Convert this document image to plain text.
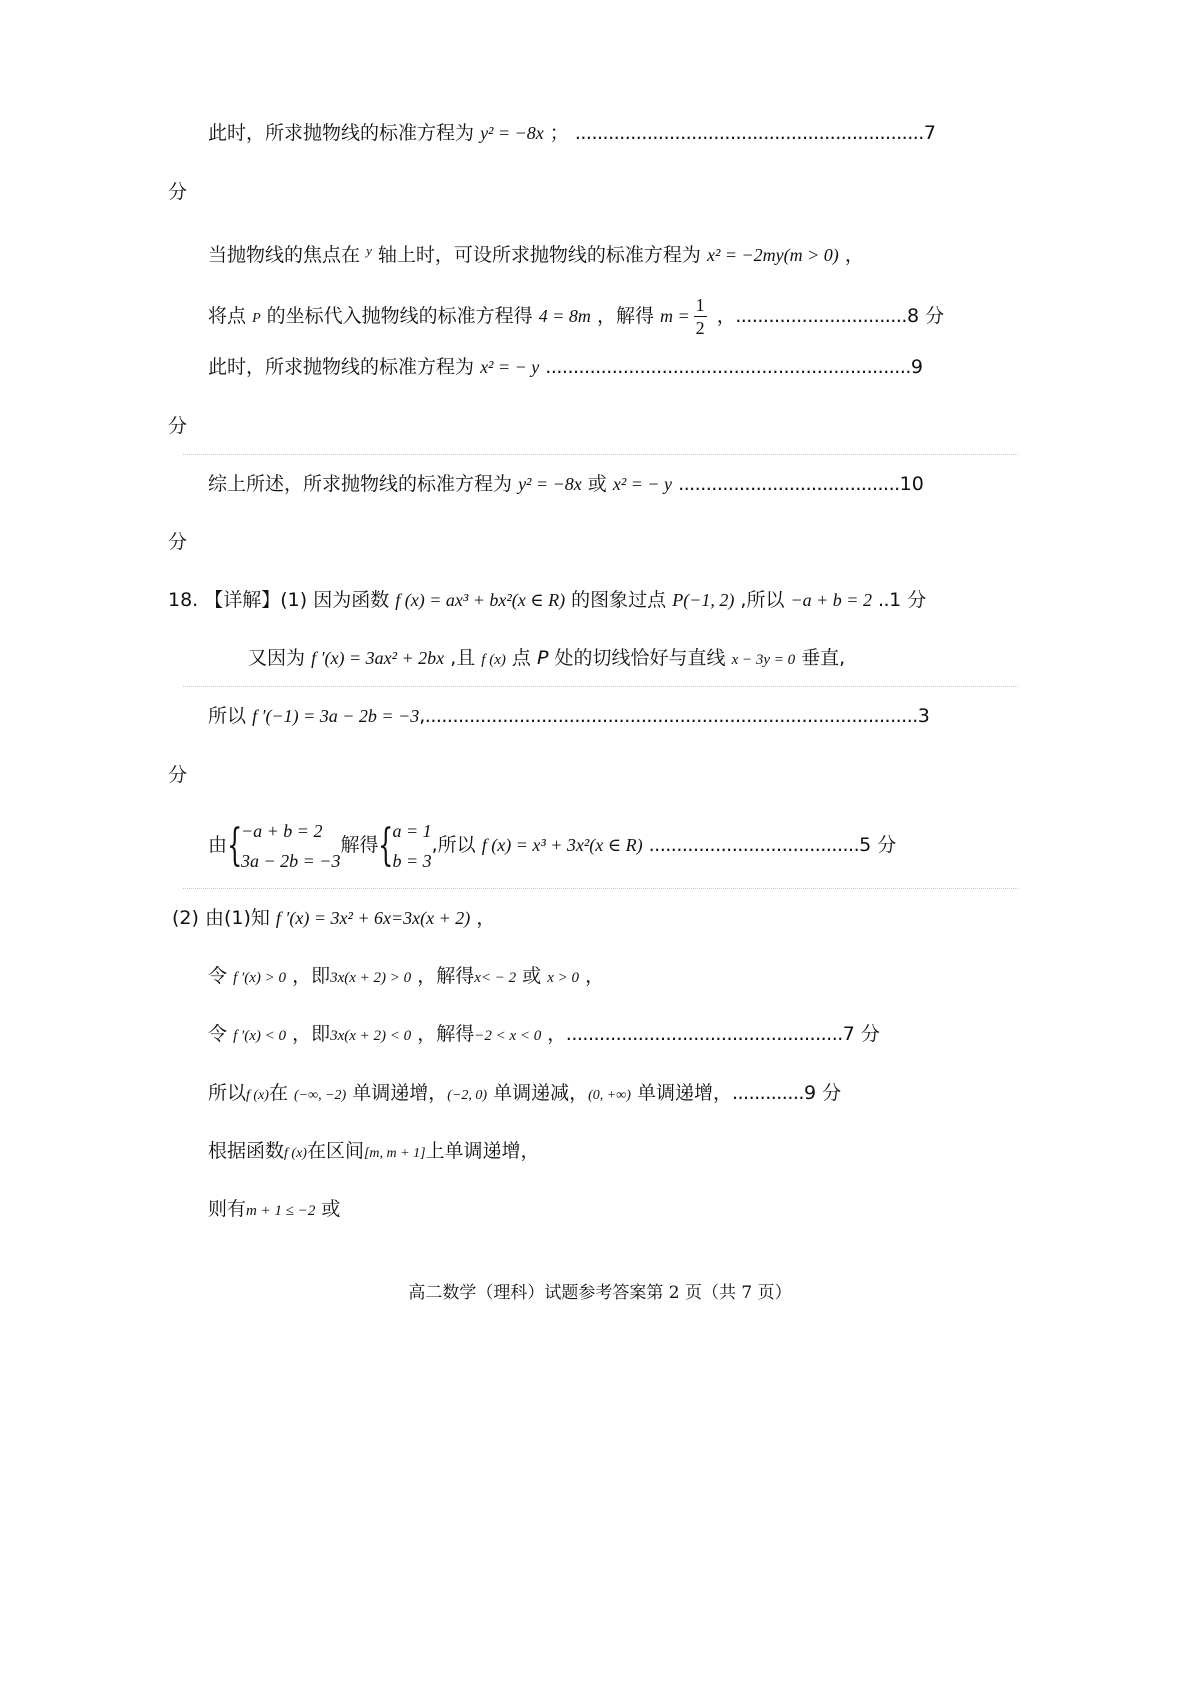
此时，所求抛物线的标准方程为 y² = −8x ； ...............................................................7
分
当抛物线的焦点在 $^y$ 轴上时，可设所求抛物线的标准方程为 x² = −2my(m > 0) ，
将点 P 的坐标代入抛物线的标准方程得 4 = 8m ，解得 $m = \frac{1}{2}$ ，...............................8 分
此时，所求抛物线的标准方程为 x² = − y ..................................................................9
分
综上所述，所求抛物线的标准方程为 y² = −8x 或 x² = − y ........................................10
分
18. 【详解】(1) 因为函数 f (x) = ax³ + bx²(x ∈ R) 的图象过点 P(−1, 2) ,所以 −a + b = 2 ..1 分
又因为 f ′(x) = 3ax² + 2bx ,且 f (x) 点 P 处的切线恰好与直线 x − 3y = 0 垂直,
所以 f ′(−1) = 3a − 2b = −3,.........................................................................................3
分
由 {
−a + b = 2
3a − 2b = −3
解得 {
a = 1
b = 3
,所以 f (x) = x³ + 3x²(x ∈ R) ......................................5 分
(2) 由(1)知 f ′(x) = 3x² + 6x=3x(x + 2) ，
令 f ′(x) > 0 ，即3x(x + 2) > 0 ，解得x< − 2 或 x > 0 ，
令 f ′(x) < 0 ，即3x(x + 2) < 0 ，解得−2 < x < 0 ，..................................................7 分
所以f (x)在 (−∞, −2) 单调递增，(−2, 0) 单调递减，(0, +∞) 单调递增，.............9 分
根据函数f (x)在区间[m, m + 1]上单调递增，
则有m + 1 ≤ −2 或
高二数学（理科）试题参考答案第 2 页（共 7 页）
